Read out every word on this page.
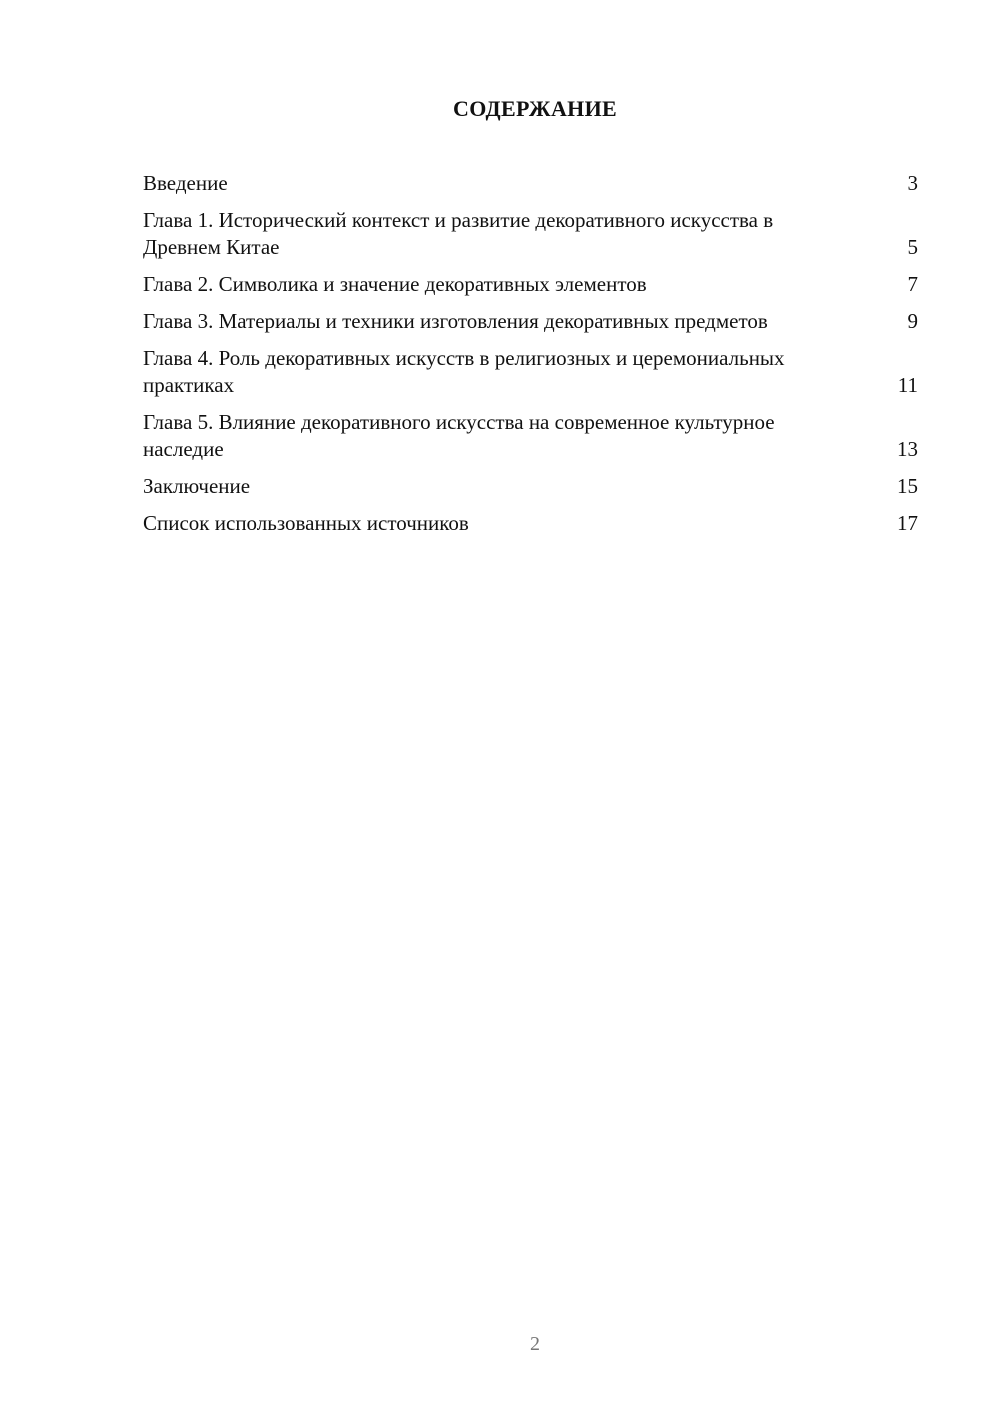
СОДЕРЖАНИЕ
Введение	3
Глава 1. Исторический контекст и развитие декоративного искусства в Древнем Китае	5
Глава 2. Символика и значение декоративных элементов	7
Глава 3. Материалы и техники изготовления декоративных предметов	9
Глава 4. Роль декоративных искусств в религиозных и церемониальных практиках	11
Глава 5. Влияние декоративного искусства на современное культурное наследие	13
Заключение	15
Список использованных источников	17
2
